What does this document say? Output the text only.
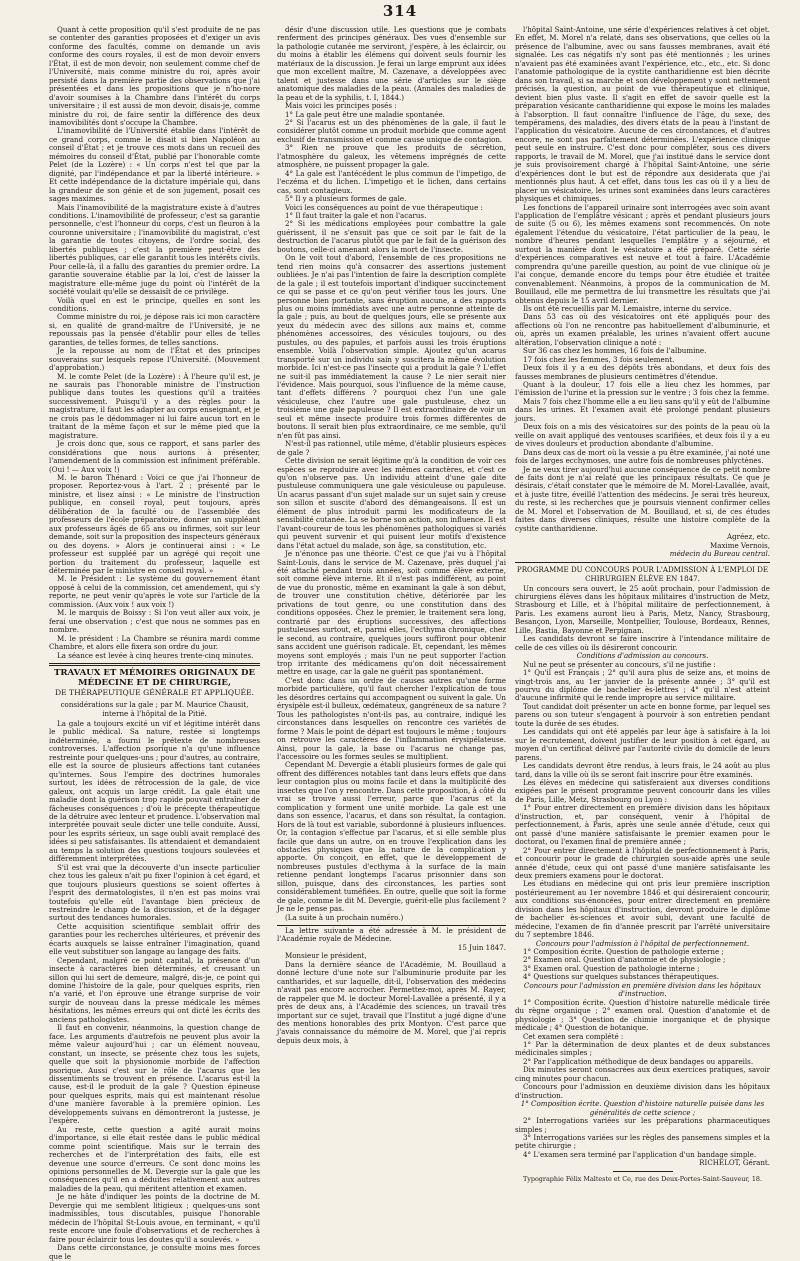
314

Quant à cette proposition qu'il s'est produite de ne pas se contenter des garanties proposées et d'exiger un avis conforme des facultés, comme on demande un avis conforme des cours royales, il est de mon devoir envers l'État, il est de mon devoir, non seulement comme chef de l'Université, mais comme ministre du roi, après avoir persisté dans la première partie des observations que j'ai présentées et dans les propositions que je n'ho-nore d'avoir soumises à la Chambre dans l'intérêt du corps universitaire ; il est aussi de mon devoir, disais-je, comme ministre du roi, de faire sentir la différence des deux inamovibilités dont s'occupe la Chambre.

L'inamovibilité de l'Université établie dans l'intérêt de ce grand corps, comme le disait si bien Napoléon au conseil d'État ; et je trouve ces mots dans un recueil des mémoires du conseil d'État, publié par l'honorable comte Pelet (de la Lozère) : « Un corps n'est tel que par la dignité, par l'indépendance et par la liberté intérieure. » Et cette indépendance de la dictature impériale qui, dans la grandeur de son génie et de son jugement, posait ces sages maximes.

Mais l'inamovibilité de la magistrature existe à d'autres conditions. L'inamovibilité de professeur, c'est sa garantie personnelle, c'est l'honneur du corps, c'est un fleuron à la couronne universitaire ; l'inamovibilité du magistrat, c'est la garantie de toutes citoyens, de l'ordre social, des libertés publiques ; c'est la première peut-être des libertés publiques, car elle garantit tous les intérêts civils. Pour celle-là, il a fallu des garanties du premier ordre. La garantie souveraine établie par la loi, c'est de laisser la magistrature elle-même juge du point où l'intérêt de la société voulait qu'elle se dessaisît de ce privilège.

Voilà quel en est le principe, quelles en sont les conditions.

Comme ministre du roi, je dépose rais ici mon caractère si, en qualité de grand-maître de l'Université, je ne repoussais pas la pensée d'établir pour elles de telles garanties, de telles formes, de telles sanctions.

Je la repousse au nom de l'État et des principes souverains sur lesquels repose l'Université. (Mouvement d'approbation.)

M. le comte Pelet (de la Lozère) : À l'heure qu'il est, je ne saurais pas l'honorable ministre de l'instruction publique dans toutes les questions qu'il a traitées successivement. Puisqu'il y a des règles pour la magistrature, il faut les adapter au corps enseignant, et je ne crois pas le dédommager ni lui faire aucun tort en le traitant de la même façon et sur le même pied que la magistrature.

Je crois donc que, sous ce rapport, et sans parler des considérations que nous aurions à présenter, l'amendement de la commission est infiniment préférable. (Oui ! — Aux voix !)

M. le baron Thénard : Voici ce que j'ai l'honneur de proposer. Reportez-vous à l'art. 2 ; présenté par le ministre, et lisez ainsi : « Le ministre de l'instruction publique, en conseil royal, peut toujours, après délibération de la faculté ou de l'assemblée des professeurs de l'école préparatoire, donner un suppléant aux professeurs âgés de 65 ans ou infirmes, soit sur leur demande, soit sur la proposition des inspecteurs généraux ou des doyens. » Alors je continuerai ainsi : « Le professeur est suppléé par un agrégé qui reçoit une portion du traitement du professeur, laquelle est déterminée par le ministre en conseil royal. »

M. le Président : Le système du gouvernement étant opposé à celui de la commission, cet amendement, qui s'y reporte, ne peut venir qu'après le vote sur l'article de la commission. (Aux voix ! aux voix !)

M. le marquis de Boissy : Si l'on veut aller aux voix, je ferai une observation ; c'est que nous ne sommes pas en nombre.

M. le président : La Chambre se réunira mardi comme Chambre, et alors elle fixera son ordre du jour.

La séance est levée à cinq heures trente-cinq minutes.

TRAVAUX ET MÉMOIRES ORIGINAUX DE MÉDECINE ET DE CHIRURGIE,
DE THÉRAPEUTIQUE GÉNÉRALE ET APPLIQUÉE.
considérations sur la gale ; par M. Maurice Chausit, interne à l'hôpital de la Pitié.

La gale a toujours excité un vif et légitime intérêt dans le public médical. Sa nature, restée si longtemps indéterminée, a fourni le prétexte de nombreuses controverses. L'affection psorique n'a qu'une influence restreinte pour quelques-uns ; pour d'autres, au contraire, elle est la source de plusieurs affections tant cutanées qu'internes. Sous l'empire des doctrines humorales surtout, les idées de rétrocession de la gale, de vice galeux, ont acquis un large crédit. La gale était une maladie dont la guérison trop rapide pouvait entraîner de fâcheuses conséquences ; d'où le précepte thérapeutique de la détruire avec lenteur et prudence. L'observation mal interprétée pouvait seule dicter une telle conduite. Aussi, pour les esprits sérieux, un sage oubli avait remplacé des idées si peu satisfaisantes. Ils attendaient et demandaient au temps la solution des questions toujours soulevées et différemment interprétées.

S'il est vrai que la découverte d'un insecte particulier chez tous les galeux n'ait pu fixer l'opinion à cet égard, et que toujours plusieurs questions se soient offertes à l'esprit des dermatologistes, il n'en est pas moins vrai toutefois qu'elle eût l'avantage bien précieux de restreindre le champ de la discussion, et de la dégager surtout des tendances humorales.

Cette acquisition scientifique semblait offrir des garanties pour les recherches ultérieures, et prévenir des écarts auxquels se laisse entraîner l'imagination, quand elle veut substituer son langage au langage des faits.

Cependant, malgré ce point capital, la présence d'un insecte à caractères bien déterminés, et creusant un sillon qui lui sert de demeure, malgré, dis-je, ce point qui domine l'histoire de la gale, pour quelques esprits, rien n'a varié, et l'on éprouve une étrange surprise de voir surgir de nouveau dans la presse médicale les mêmes hésitations, les mêmes erreurs qui ont dicté les écrits des anciens pathologistes.

Il faut en convenir, néanmoins, la question change de face. Les arguments d'autrefois ne peuvent plus avoir la même valeur aujourd'hui ; car un élément nouveau, constant, un insecte, se présente chez tous les sujets, quelle que soit la physionomie morbide de l'affection psorique. Aussi c'est sur le rôle de l'acarus que les dissentiments se trouvent en présence. L'acarus est-il la cause, est-il le produit de la gale ? Question épineuse pour quelques esprits, mais qui est maintenant résolue d'une manière favorable à la première opinion. Les développements suivans en démontreront la justesse, je l'espère.

Au reste, cette question a agité aurait moins d'importance, si elle était restée dans le public médical comme point scientifique. Mais sur le terrain des recherches et de l'interprétation des faits, elle est devenue une source d'erreurs. Ce sont donc moins les opinions personnelles de M. Devergie sur la gale que les conséquences qu'il en a déduites relativement aux autres maladies de la peau, qui méritent attention et examen.

Je ne hâte d'indiquer les points de la doctrine de M. Devergie qui me semblent litigieux ; quelques-uns sont inadmissibles, tous discutables, puisque l'honorable médecin de l'hôpital St-Louis avoue, en terminant, « qu'il reste encore une foule d'observations et de recherches à faire pour éclaircir tous les doutes qu'il a soulevés. »

Dans cette circonstance, je consulte moins mes forces que le

désir d'une discussion utile. Les questions que je combats renferment des principes généraux. Des vues d'ensemble sur la pathologie cutanée me serviront, j'espère, à les éclaircir, ou du moins à établir les élémens qui doivent seuls fournir les matériaux de la discussion. Je ferai un large emprunt aux idées que mon excellent maître, M. Cazenave, a développées avec talent et justesse dans une série d'articles sur le siège anatomique des maladies de la peau. (Annales des maladies de la peau et de la syphilis, t. I, 1844.)

Mais voici les principes posés :

1° La gale peut être une maladie spontanée.

2° Si l'acarus est un des phénomènes de la gale, il faut le considérer plutôt comme un produit morbide que comme agent exclusif de transmission et comme cause unique de contagion.

3° Rien ne prouve que les produits de sécrétion, l'atmosphère du galeux, les vêtemens imprégnés de cette atmosphère, ne puissent propager la gale.

4° La gale est l'antécédent le plus commun de l'impetigo, de l'eczéma et du lichen. L'impetigo et le lichen, dans certains cas, sont contagieux.

5° Il y a plusieurs formes de gale.

Voici les conséquences au point de vue thérapeutique :

1° Il faut traiter la gale et non l'acarus.

2° Si les médications employées pour combattre la gale guérissent, il ne s'ensuit pas que ce soit par le fait de la destruction de l'acarus plutôt que par le fait de la guérison des boutons, celle-ci amenant alors la mort de l'insecte.

On le voit tout d'abord, l'ensemble de ces propositions ne tend rien moins qu'à consacrer des assertions justement oubliées. Je n'ai pas l'intention de faire la description complète de la gale ; il est toutefois important d'indiquer succinctement ce qui se passe et ce qu'on peut vérifier tous les jours. Une personne bien portante, sans éruption aucune, a des rapports plus ou moins immédiats avec une autre personne atteinte de la gale ; puis, au bout de quelques jours, elle se présente aux yeux du médecin avec des sillons aux mains et, comme phénomènes accessoires, des vésicules toujours, ou des pustules, ou des papules, et parfois aussi les trois éruptions ensemble. Voilà l'observation simple. Ajoutez qu'un acarus transporté sur un individu sain y suscitera la même évolution morbide. Ici n'est-ce pas l'insecte qui a produit la gale ? L'effet ne suit-il pas immédiatement la cause ? Le nier serait nier l'évidence. Mais pourquoi, sous l'influence de la même cause, tant d'effets différens ? pourquoi chez l'un une gale vésiculeuse, chez l'autre une gale pustuleuse, chez un troisième une gale papuleuse ? Il est extraordinaire de voir un seul et même insecte produire trois formes différentes de boutons. Il serait bien plus extraordinaire, ce me semble, qu'il n'en fût pas ainsi.

N'est-il pas rationnel, utile même, d'établir plusieurs espèces de gale ?

Cette division ne serait légitime qu'à la condition de voir ces espèces se reproduire avec les mêmes caractères, et c'est ce qu'on n'observe pas. Un individu atteint d'une gale dite pustuleuse communiquera une gale vésiculeuse ou papuleuse. Un acarus passant d'un sujet malade sur un sujet sain y creuse son sillon et suscite d'abord des démangeaisons. Il est un élément de plus introduit parmi les modificateurs de la sensibilité cutanée. La se borne son action, son influence. Il est l'avant-coureur de tous les phénomènes pathologiques si variés qui peuvent survenir et qui puisent leur motifs d'existence dans l'état actuel du malade, son âge, sa constitution, etc.

Je n'énonce pas une théorie. C'est ce que j'ai vu à l'hôpital Saint-Louis, dans le service de M. Cazenave, près duquel j'ai été attaché pendant trois années, soit comme élève externe, soit comme élève interne. Et il n'est pas indifférent, au point de vue du pronostic, même en examinant la gale à son début, de trouver une constitution chétive, détériorée par les privations de tout genre, ou une constitution dans des conditions opposées. Chez le premier, le traitement sera long, contrarié par des éruptions successives, des affections pustuleuses surtout, et, parmi elles, l'ecthyma chronique, chez le second, au contraire, quelques jours suffiront pour obtenir sans accident une guérison radicale. Et, cependant, les mêmes moyens sont employés ; mais l'un ne peut supporter l'action trop irritante des médicamens qu'on doit nécessairement mettre en usage, car la gale ne guérit pas spontanément.

C'est donc dans un ordre de causes autres qu'une forme morbide particulière, qu'il faut chercher l'explication de tous les désordres certains qui accompagnent ou suivent la gale. Un érysipèle est-il bulleux, œdémateux, gangréneux de sa nature ? Tous les pathologistes n'ont-ils pas, au contraire, indiqué les circonstances dans lesquelles on rencontre ces variétés de forme ? Mais le point de départ est toujours le même ; toujours on retrouve les caractères de l'inflammation érysipélateuse. Ainsi, pour la gale, la base ou l'acarus ne change pas, l'accessoire ou les formes seules se multiplient.

Cependant M. Devergie a établi plusieurs formes de gale qui offrent des différences notables tant dans leurs effets que dans leur contagion plus ou moins facile et dans la multiplicité des insectes que l'on y rencontre. Dans cette proposition, à côté du vrai se trouve aussi l'erreur, parce que l'acarus et la complication y forment une unité morbide. La gale est une dans son essence, l'acarus, et dans son résultat, la contagion. Hors de là tout est variable, subordonné à plusieurs influences. Or, la contagion s'effectue par l'acarus, et si elle semble plus facile que dans un autre, on en trouve l'explication dans les obstacles physiques que la nature de la complication y apporte. On conçoit, en effet, que le développement de nombreuses pustules d'ecthyma à la surface de la main retienne pendant longtemps l'acarus prisonnier dans son sillon, puisque, dans des circonstances, les parties sont considérablement tuméfiées. En outre, quelle que soit la forme de gale, comme le dit M. Devergie, guérit-elle plus facilement ? Je ne le pense pas.

(La suite à un prochain numéro.)

La lettre suivante a été adressée à M. le président de l'Académie royale de Médecine.

15 Juin 1847.

Monsieur le président,

Dans la dernière séance de l'Académie, M. Bouillaud a donné lecture d'une note sur l'albuminurie produite par les cantharides, et sur laquelle, dit-il, l'observation des médecins n'avait pas encore accrocher. Permettez-moi, après M. Rayer, de rappeler que M. le docteur Morel-Lavallée a présenté, il y a près de deux ans, à l'Académie des sciences, un travail très important sur ce sujet, travail que l'Institut a jugé digne d'une des mentions honorables des prix Montyon. C'est parce que j'avais connaissance du mémoire de M. Morel, que j'ai repris depuis deux mois, à

l'hôpital Saint-Antoine, une série d'expériences relatives à cet objet. En effet, M. Morel n'a relaté, dans ses observations, que celles où la présence de l'albumine, avec ou sans fausses membranes, avait été signalée. Les cas négatifs n'y sont pas été mentionnés ; les urines n'avaient pas été examinées avant l'expérience, etc., etc., etc. Si donc l'anatomie pathologique de la cystite cantharidienne est bien décrite dans son travail, si sa marche et son développement y sont nettement précisés, la question, au point de vue thérapeutique et clinique, devient bien plus vaste. Il s'agit en effet de savoir quelle est la préparation vésicante cantharidienne qui expose le moins les malades à l'absorption. Il faut connaître l'influence de l'âge, du sexe, des tempéramens, des maladies, des divers états de la peau à l'instant de l'application du vésicatoire. Aucune de ces circonstances, et d'autres encore, ne sont pas parfaitement déterminées. L'expérience clinique peut seule en instruire. C'est donc pour compléter, sous ces divers rapports, le travail de M. Morel, que j'ai institué dans le service dont je suis provisoirement chargé à l'hôpital Saint-Antoine, une série d'expériences dont le but est de répondre aux desiderata que j'ai mentionnés plus haut. À cet effet, dans tous les cas où il y a lieu de placer un vésicatoire, les urines sont examinées dans leurs caractères physiques et chimiques.

Les fonctions de l'appareil urinaire sont interrogées avec soin avant l'application de l'emplâtre vésicant ; après et pendant plusieurs jours de suite (5 ou 6), les mêmes examens sont recommencés. On note également l'étendue du vésicatoire, l'état particulier de la peau, le nombre d'heures pendant lesquelles l'emplâtre y a séjourné, et surtout la manière dont le vésicatoire a été préparé. Cette série d'expériences comparatives est neuve et tout à faire. L'Académie comprendra qu'une pareille question, au point de vue clinique où je l'ai conçue, demande encore du temps pour être étudiée et traitée convenablement. Néanmoins, à propos de la communication de M. Bouillaud, elle me permettra de lui transmettre les résultats que j'ai obtenus depuis le 15 avril dernier.

Ils ont été recueillis par M. Lemaistre, interne du service.

Dans 53 cas où des vésicatoires ont été appliqués pour des affections où l'on ne rencontre pas habituellement d'albuminurie, et où, après un examen préalable, les urines n'avaient offert aucune altération, l'observation clinique a noté :

Sur 36 cas chez les hommes, 16 fois de l'albumine.

17 fois chez les femmes, 3 fois seulement.

Deux fois il y a eu des dépôts très abondans, et deux fois des fausses membranes de plusieurs centimètres d'étendue.

Quant à la douleur, 17 fois elle a lieu chez les hommes, par l'émission de l'urine et la pression sur le ventre ; 3 fois chez la femme.

Mais 7 fois chez l'homme elle a eu lieu sans qu'il y eût de l'albumine dans les urines. Et l'examen avait été prolongé pendant plusieurs jours.

Deux fois on a mis des vésicatoires sur des points de la peau où la veille on avait appliqué des ventouses scarifiées, et deux fois il y a eu de vives douleurs et production abondante d'albumine.

Dans deux cas de mort où la vessie a pu être examinée, j'ai noté une fois de larges ecchymoses, une autre fois de nombreuses phlyctènes.

Je ne veux tirer aujourd'hui aucune conséquence de ce petit nombre de faits dont je n'ai relaté que les principaux résultats. Ce que je désirais, c'était constater que le mémoire de M. Morel-Lavallée, avait, et à juste titre, éveillé l'attention des médecins. Je serai très heureux, du reste, si les recherches que je poursuis viennent confirmer celles de M. Morel et l'observation de M. Bouillaud, et si, de ces études faites dans diverses cliniques, résulte une histoire complète de la cystite cantharidienne.

Agréez, etc.
Maxime Vernois,
médecin du Bureau central.
PROGRAMME DU CONCOURS POUR L'ADMISSION À L'EMPLOI DE CHIRURGIEN ÉLÈVE EN 1847.

Un concours sera ouvert, le 25 août prochain, pour l'admission de chirurgiens élèves dans les hôpitaux militaires d'instruction de Metz, Strasbourg et Lille, et à l'hôpital militaire de perfectionnement, à Paris. Les examens auront lieu à Paris, Metz, Nancy, Strasbourg, Besançon, Lyon, Marseille, Montpellier, Toulouse, Bordeaux, Rennes, Lille, Bastia, Bayonne et Perpignan.

Les candidats devront se faire inscrire à l'intendance militaire de celle de ces villes où ils désireront concourir.

Conditions d'admission au concours.

Nul ne peut se présenter au concours, s'il ne justifie :

1° Qu'il est Français ; 2° qu'il aura plus de seize ans, et moins de vingt-trois ans, au 1er janvier de la présente année ; 3° qu'il est pourvu du diplôme de bachelier ès-lettres ; 4° qu'il n'est atteint d'aucune infirmité qui le rende impropre au service militaire.

Tout candidat doit présenter un acte en bonne forme, par lequel ses parens ou son tuteur s'engagent à pourvoir à son entretien pendant toute la durée de ses études.

Les candidats qui ont été appelés par leur âge à satisfaire à la loi sur le recrutement, doivent justifier de leur position à cet égard, au moyen d'un certificat délivré par l'autorité civile du domicile de leurs parens.

Les candidats devront être rendus, à leurs frais, le 24 août au plus tard, dans la ville où ils se seront fait inscrire pour être examinés.

Les élèves en médecine qui satisferaient aux diverses conditions exigées par le présent programme peuvent concourir dans les villes de Paris, Lille, Metz, Strasbourg ou Lyon :

1° Pour entrer directement en première division dans les hôpitaux d'instruction, et, par conséquent, venir à l'hôpital de perfectionnement, à Paris, après une seule année d'étude, ceux qui ont passé d'une manière satisfaisante le premier examen pour le doctorat, ou l'examen final de première année ;

2° Pour entrer directement à l'hôpital de perfectionnement à Paris, et concourir pour le grade de chirurgien sous-aide après une seule année d'étude, ceux qui ont passé d'une manière satisfaisante les deux premiers examens pour le doctorat.

Les étudians en médecine qui ont pris leur première inscription postérieurement au 1er novembre 1846 et qui désireraient concourir, aux conditions sus-énoncées, pour entrer directement en première division dans les hôpitaux d'instruction, devront produire le diplôme de bachelier ès-sciences et avoir subi, devant une faculté de médecine, l'examen de fin d'année prescrit par l'arrêté universitaire du 7 septembre 1846.

Concours pour l'admission à l'hôpital de perfectionnement.

1° Composition écrite. Question de pathologie externe ;

2° Examen oral. Question d'anatomie et de physiologie ;

3° Examen oral. Question de pathologie interne ;

4° Questions sur quelques substances thérapeutiques.

Concours pour l'admission en première division dans les hôpitaux d'instruction.

1° Composition écrite. Question d'histoire naturelle médicale tirée du règne organique ; 2° examen oral. Question d'anatomie et de physiologie ; 3° Question de chimie inorganique et de physique médicale ; 4° Question de botanique.

Cet examen sera complété :

1° Par la détermination de deux plantes et de deux substances médicinales simples ;

2° Par l'application méthodique de deux bandages ou appareils.

Dix minutes seront consacrées aux deux exercices pratiques, savoir cinq minutes pour chacun.

Concours pour l'admission en deuxième division dans les hôpitaux d'instruction.

1° Composition écrite. Question d'histoire naturelle puisée dans les généralités de cette science ;

2° Interrogations variées sur les préparations pharmaceutiques simples ;

3° Interrogations variées sur les règles des pansemens simples et la petite chirurgie ;

4° L'examen sera terminé par l'application d'un bandage simple.

RICHELOT, Gérant.
Typographie Félix Malteste et Ce, rue des Deux-Portes-Saint-Sauveur, 18.
